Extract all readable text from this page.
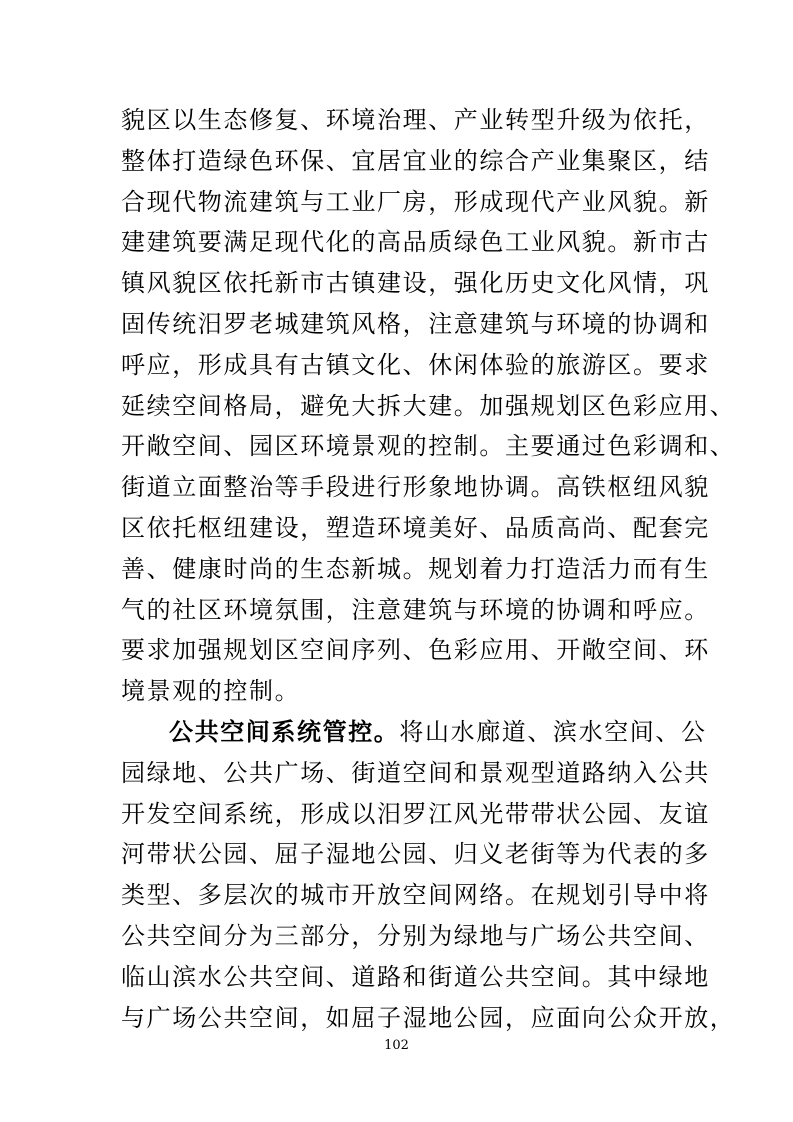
貌区以生态修复、环境治理、产业转型升级为依托，
整体打造绿色环保、宜居宜业的综合产业集聚区，结
合现代物流建筑与工业厂房，形成现代产业风貌。新
建建筑要满足现代化的高品质绿色工业风貌。新市古
镇风貌区依托新市古镇建设，强化历史文化风情，巩
固传统汨罗老城建筑风格，注意建筑与环境的协调和
呼应，形成具有古镇文化、休闲体验的旅游区。要求
延续空间格局，避免大拆大建。加强规划区色彩应用、
开敞空间、园区环境景观的控制。主要通过色彩调和、
街道立面整治等手段进行形象地协调。高铁枢纽风貌
区依托枢纽建设，塑造环境美好、品质高尚、配套完
善、健康时尚的生态新城。规划着力打造活力而有生
气的社区环境氛围，注意建筑与环境的协调和呼应。
要求加强规划区空间序列、色彩应用、开敞空间、环
境景观的控制。
公共空间系统管控。将山水廊道、滨水空间、公
园绿地、公共广场、街道空间和景观型道路纳入公共
开发空间系统，形成以汨罗江风光带带状公园、友谊
河带状公园、屈子湿地公园、归义老街等为代表的多
类型、多层次的城市开放空间网络。在规划引导中将
公共空间分为三部分，分别为绿地与广场公共空间、
临山滨水公共空间、道路和街道公共空间。其中绿地
与广场公共空间，如屈子湿地公园，应面向公众开放，
102
